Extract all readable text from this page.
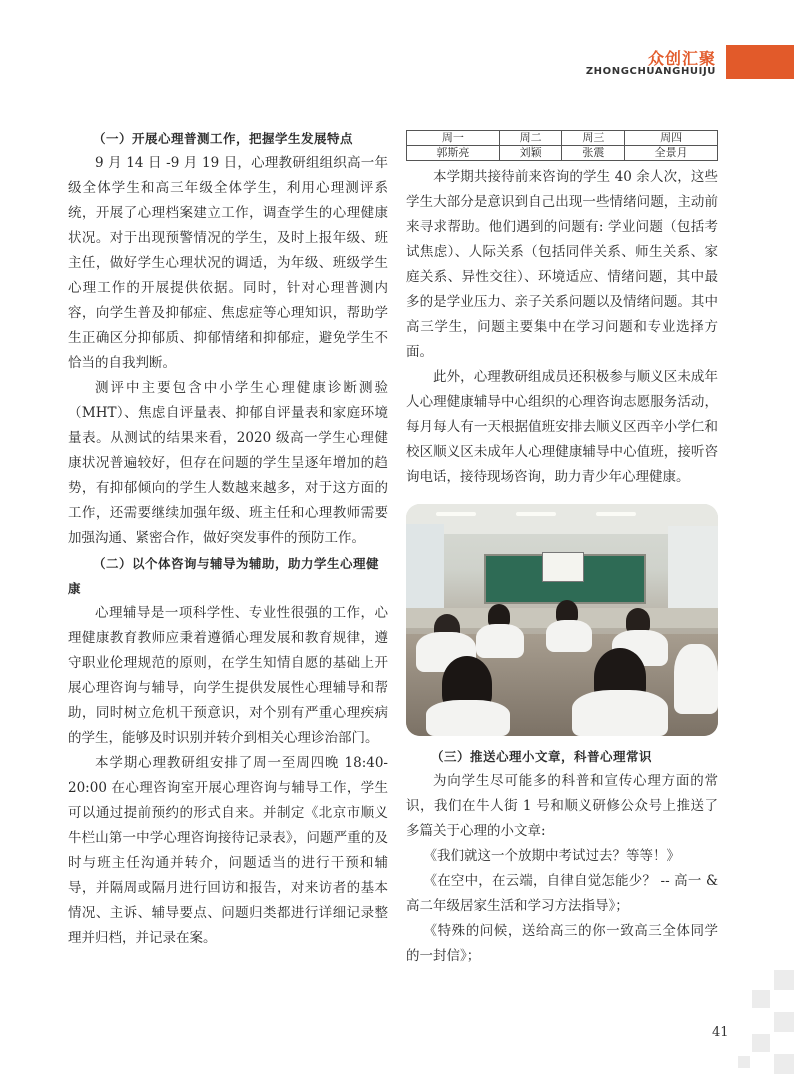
众创汇聚
ZHONGCHUANGHUIJU
（一）开展心理普测工作，把握学生发展特点

9 月 14 日 -9 月 19 日，心理教研组组织高一年级全体学生和高三年级全体学生，利用心理测评系统，开展了心理档案建立工作，调查学生的心理健康状况。对于出现预警情况的学生，及时上报年级、班主任，做好学生心理状况的调适，为年级、班级学生心理工作的开展提供依据。同时，针对心理普测内容，向学生普及抑郁症、焦虑症等心理知识，帮助学生正确区分抑郁质、抑郁情绪和抑郁症，避免学生不恰当的自我判断。

测评中主要包含中小学生心理健康诊断测验（MHT）、焦虑自评量表、抑郁自评量表和家庭环境量表。从测试的结果来看，2020 级高一学生心理健康状况普遍较好，但存在问题的学生呈逐年增加的趋势，有抑郁倾向的学生人数越来越多，对于这方面的工作，还需要继续加强年级、班主任和心理教师需要加强沟通、紧密合作，做好突发事件的预防工作。

（二）以个体咨询与辅导为辅助，助力学生心理健康

心理辅导是一项科学性、专业性很强的工作，心理健康教育教师应秉着遵循心理发展和教育规律，遵守职业伦理规范的原则，在学生知情自愿的基础上开展心理咨询与辅导，向学生提供发展性心理辅导和帮助，同时树立危机干预意识，对个别有严重心理疾病的学生，能够及时识别并转介到相关心理诊治部门。

本学期心理教研组安排了周一至周四晚 18:40-20:00 在心理咨询室开展心理咨询与辅导工作，学生可以通过提前预约的形式自来。并制定《北京市顺义牛栏山第一中学心理咨询接待记录表》，问题严重的及时与班主任沟通并转介，问题适当的进行干预和辅导，并隔周或隔月进行回访和报告，对来访者的基本情况、主诉、辅导要点、问题归类都进行详细记录整理并归档，并记录在案。

周一	周二	周三	周四
郭斯亮	刘颖	张震	全景月

本学期共接待前来咨询的学生 40 余人次，这些学生大部分是意识到自己出现一些情绪问题，主动前来寻求帮助。他们遇到的问题有: 学业问题（包括考试焦虑）、人际关系（包括同伴关系、师生关系、家庭关系、异性交往）、环境适应、情绪问题，其中最多的是学业压力、亲子关系问题以及情绪问题。其中高三学生，问题主要集中在学习问题和专业选择方面。

此外，心理教研组成员还积极参与顺义区未成年人心理健康辅导中心组织的心理咨询志愿服务活动，每月每人有一天根据值班安排去顺义区西辛小学仁和校区顺义区未成年人心理健康辅导中心值班，接听咨询电话，接待现场咨询，助力青少年心理健康。

（三）推送心理小文章，科普心理常识

为向学生尽可能多的科普和宣传心理方面的常识，我们在牛人街 1 号和顺义研修公众号上推送了多篇关于心理的小文章:

《我们就这一个放期中考试过去？等等！》

《在空中，在云端，自律自觉怎能少？ -- 高一 & 高二年级居家生活和学习方法指导》；

《特殊的问候，送给高三的你一致高三全体同学的一封信》；

41
